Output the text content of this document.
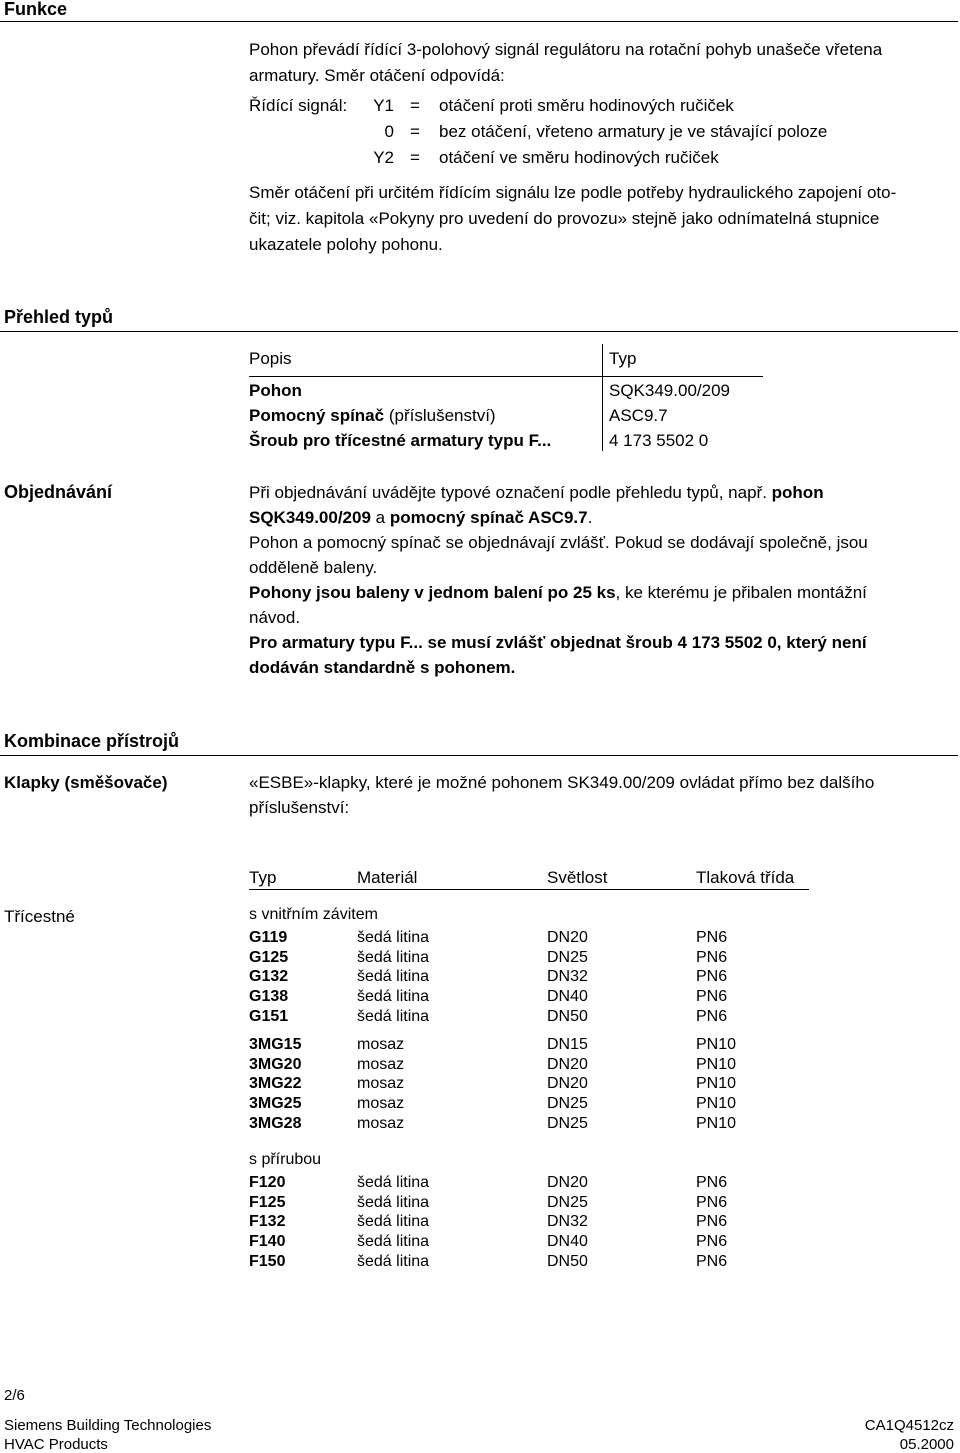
Funkce
Pohon převádí řídící 3-polohový signál regulátoru na rotační pohyb unašeče vřetena
armatury. Směr otáčení odpovídá:
Řídící signál:	Y1 = otáčení proti směru hodinových ručiček
0 = bez otáčení, vřeteno armatury je ve stávající poloze
Y2 = otáčení ve směru hodinových ručiček
Směr otáčení při určitém řídícím signálu lze podle potřeby hydraulického zapojení oto-
čit; viz. kapitola «Pokyny pro uvedení do provozu» stejně jako odnímatelná stupnice
ukazatele polohy pohonu.
Přehled typů
Popis	Typ
Pohon	SQK349.00/209
Pomocný spínač (příslušenství)	ASC9.7
Šroub pro třícestné armatury typu F...	4 173 5502 0
Objednávání	Při objednávání uvádějte typové označení podle přehledu typů, např. pohon
SQK349.00/209 a pomocný spínač ASC9.7.
Pohon a pomocný spínač se objednávají zvlášť. Pokud se dodávají společně, jsou
odděleně baleny.
Pohony jsou baleny v jednom balení po 25 ks, ke kterému je přibalen montážní
návod.
Pro armatury typu F... se musí zvlášť objednat šroub 4 173 5502 0, který není
dodáván standardně s pohonem.
Kombinace přístrojů
Klapky (směšovače)	«ESBE»-klapky, které je možné pohonem SK349.00/209 ovládat přímo bez dalšího
příslušenství:
Typ	Materiál	Světlost	Tlaková třída
Třícestné	s vnitřním závitem
G119	šedá litina	DN20	PN6
G125	šedá litina	DN25	PN6
G132	šedá litina	DN32	PN6
G138	šedá litina	DN40	PN6
G151	šedá litina	DN50	PN6
3MG15	mosaz	DN15	PN10
3MG20	mosaz	DN20	PN10
3MG22	mosaz	DN20	PN10
3MG25	mosaz	DN25	PN10
3MG28	mosaz	DN25	PN10
s přírubou
F120	šedá litina	DN20	PN6
F125	šedá litina	DN25	PN6
F132	šedá litina	DN32	PN6
F140	šedá litina	DN40	PN6
F150	šedá litina	DN50	PN6
2/6
Siemens Building Technologies
HVAC Products
CA1Q4512cz
05.2000
